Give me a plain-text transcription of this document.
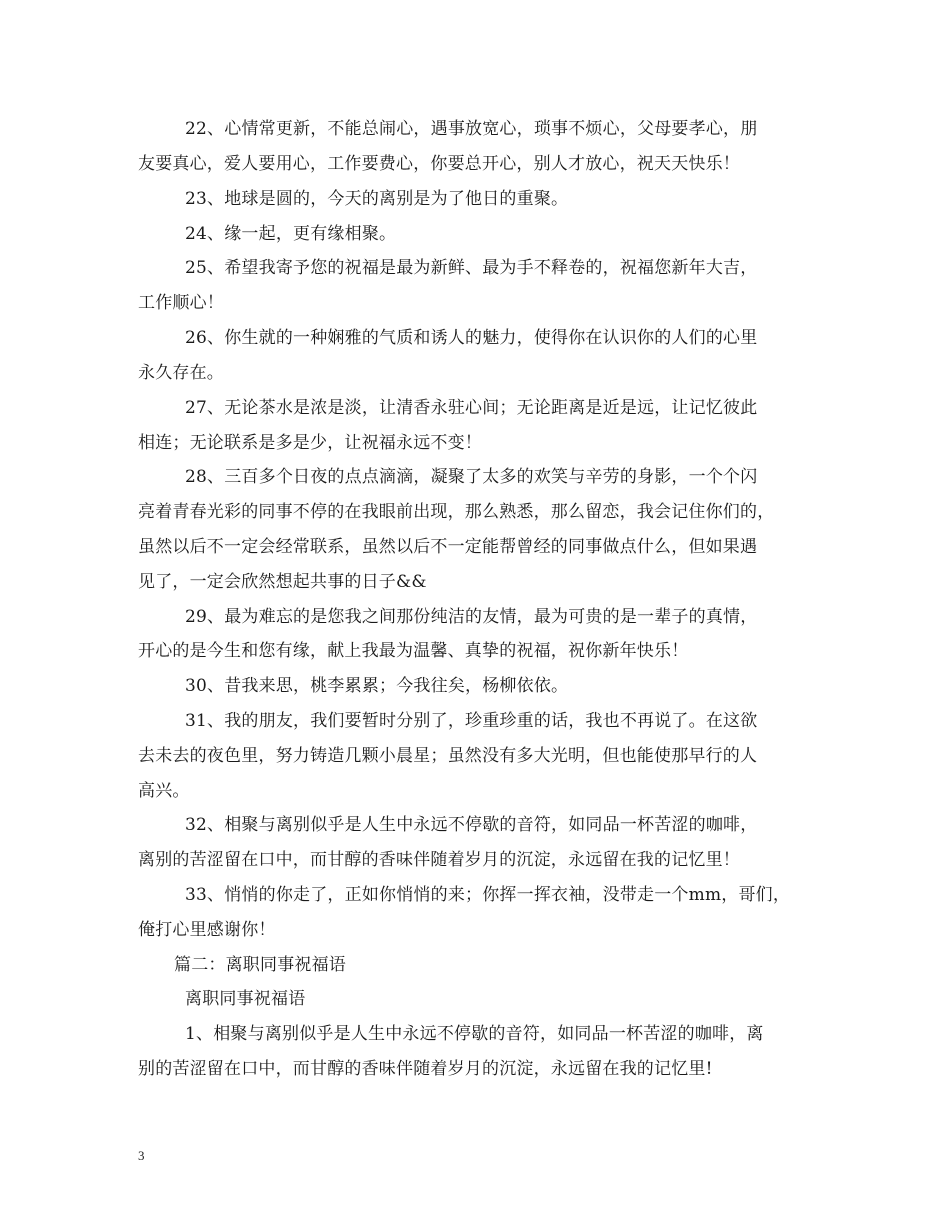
22、心情常更新，不能总闹心，遇事放宽心，琐事不烦心，父母要孝心，朋
友要真心，爱人要用心，工作要费心，你要总开心，别人才放心，祝天天快乐！
23、地球是圆的，今天的离别是为了他日的重聚。
24、缘一起，更有缘相聚。
25、希望我寄予您的祝福是最为新鲜、最为手不释卷的，祝福您新年大吉，
工作顺心！
26、你生就的一种娴雅的气质和诱人的魅力，使得你在认识你的人们的心里
永久存在。
27、无论茶水是浓是淡，让清香永驻心间；无论距离是近是远，让记忆彼此
相连；无论联系是多是少，让祝福永远不变！
28、三百多个日夜的点点滴滴，凝聚了太多的欢笑与辛劳的身影，一个个闪
亮着青春光彩的同事不停的在我眼前出现，那么熟悉，那么留恋，我会记住你们的，
虽然以后不一定会经常联系，虽然以后不一定能帮曾经的同事做点什么，但如果遇
见了，一定会欣然想起共事的日子&&
29、最为难忘的是您我之间那份纯洁的友情，最为可贵的是一辈子的真情，
开心的是今生和您有缘，献上我最为温馨、真挚的祝福，祝你新年快乐！
30、昔我来思，桃李累累；今我往矣，杨柳依依。
31、我的朋友，我们要暂时分别了，珍重珍重的话，我也不再说了。在这欲
去未去的夜色里，努力铸造几颗小晨星；虽然没有多大光明，但也能使那早行的人
高兴。
32、相聚与离别似乎是人生中永远不停歇的音符，如同品一杯苦涩的咖啡，
离别的苦涩留在口中，而甘醇的香味伴随着岁月的沉淀，永远留在我的记忆里！
33、悄悄的你走了，正如你悄悄的来；你挥一挥衣袖，没带走一个mm，哥们，
俺打心里感谢你！
篇二：离职同事祝福语
离职同事祝福语
1、相聚与离别似乎是人生中永远不停歇的音符，如同品一杯苦涩的咖啡，离
别的苦涩留在口中，而甘醇的香味伴随着岁月的沉淀，永远留在我的记忆里!
3
